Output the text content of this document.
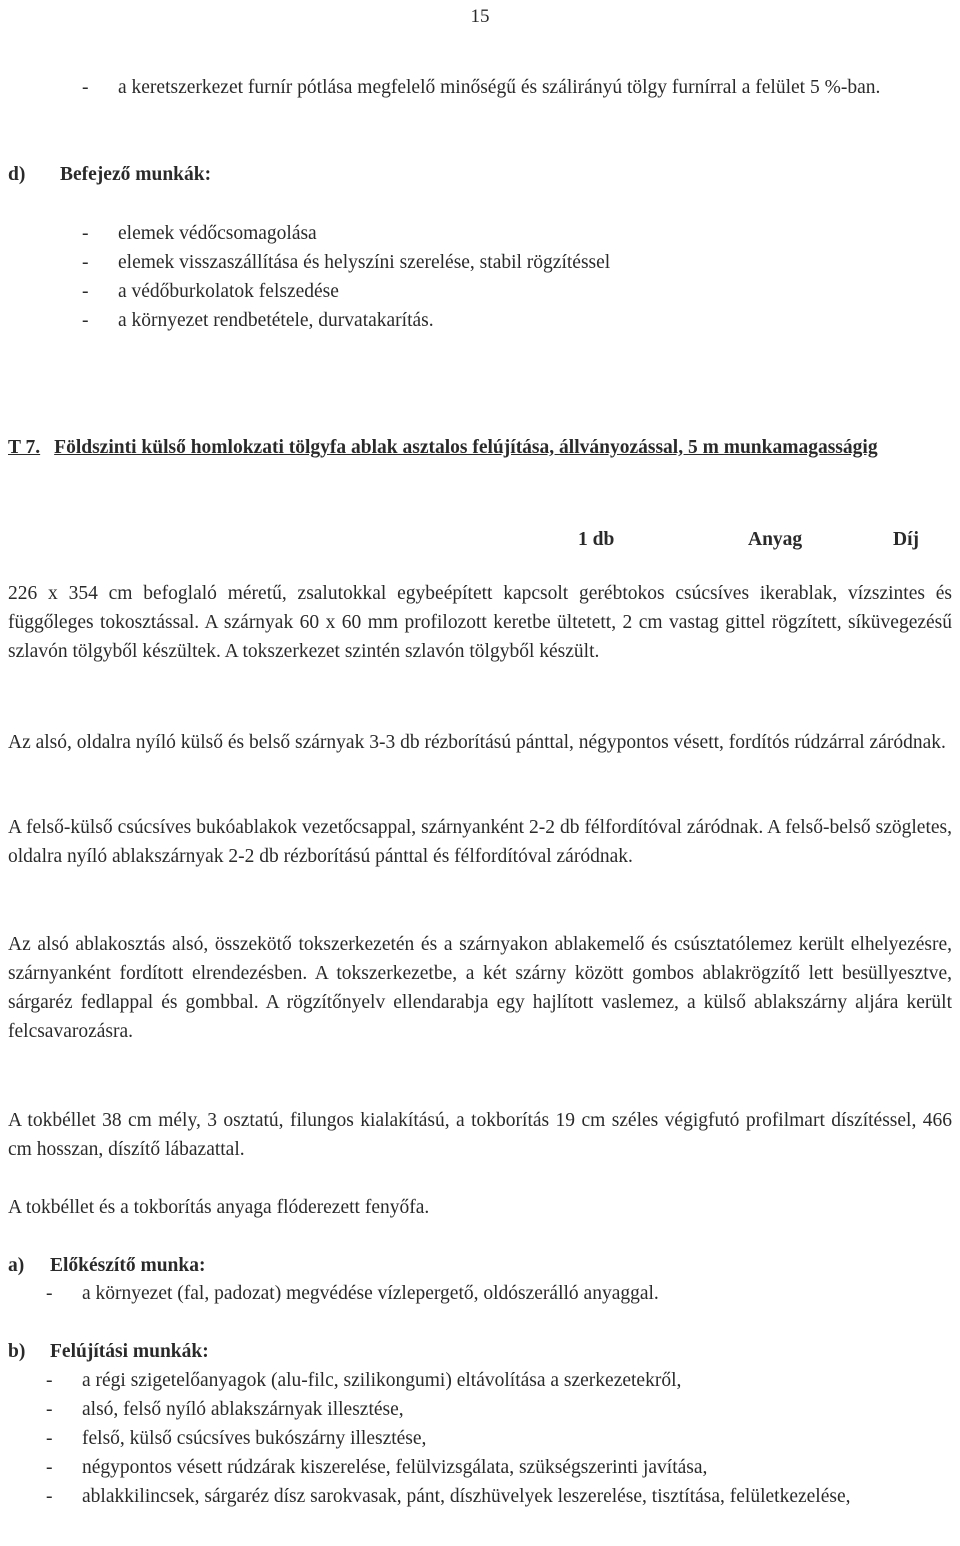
15
- a keretszerkezet furnír pótlása megfelelő minőségű és szálirányú tölgy furnírral a felület 5 %-ban.
d) Befejező munkák:
- elemek védőcsomagolása
- elemek visszaszállítása és helyszíni szerelése, stabil rögzítéssel
- a védőburkolatok felszedése
- a környezet rendbetétele, durvatakarítás.
T 7. Földszinti külső homlokzati tölgyfa ablak asztalos felújítása, állványozással, 5 m munkamagasságig
1 db	Anyag	Díj

226 x 354 cm befoglaló méretű, zsalutokkal egybeépített kapcsolt gerébtokos csúcsíves ikerablak, vízszintes és függőleges tokosztással. A szárnyak 60 x 60 mm profilozott keretbe ültetett, 2 cm vastag gittel rögzített, síküvegezésű szlavón tölgyből készültek. A tokszerkezet szintén szlavón tölgyből készült.

Az alsó, oldalra nyíló külső és belső szárnyak 3-3 db rézborítású pánttal, négypontos vésett, fordítós rúdzárral záródnak.

A felső-külső csúcsíves bukóablakok vezetőcsappal, szárnyanként 2-2 db félfordítóval záródnak. A felső-belső szögletes, oldalra nyíló ablakszárnyak 2-2 db rézborítású pánttal és félfordítóval záródnak.

Az alsó ablakosztás alsó, összekötő tokszerkezetén és a szárnyakon ablakemelő és csúsztatólemez került elhelyezésre, szárnyanként fordított elrendezésben. A tokszerkezetbe, a két szárny között gombos ablakrögzítő lett besüllyesztve, sárgaréz fedlappal és gombbal. A rögzítőnyelv ellendarabja egy hajlított vaslemez, a külső ablakszárny aljára került felcsavarozásra.

A tokbéllet 38 cm mély, 3 osztatú, filungos kialakítású, a tokborítás 19 cm széles végigfutó profilmart díszítéssel, 466 cm hosszan, díszítő lábazattal.

A tokbéllet és a tokborítás anyaga flóderezett fenyőfa.

a) Előkészítő munka:
- a környezet (fal, padozat) megvédése vízlepergető, oldószerálló anyaggal.
b) Felújítási munkák:
- a régi szigetelőanyagok (alu-filc, szilikongumi) eltávolítása a szerkezetekről,
- alsó, felső nyíló ablakszárnyak illesztése,
- felső, külső csúcsíves bukószárny illesztése,
- négypontos vésett rúdzárak kiszerelése, felülvizsgálata, szükségszerinti javítása,
- ablakkilincsek, sárgaréz dísz sarokvasak, pánt, díszhüvelyek leszerelése, tisztítása, felületkezelése,
